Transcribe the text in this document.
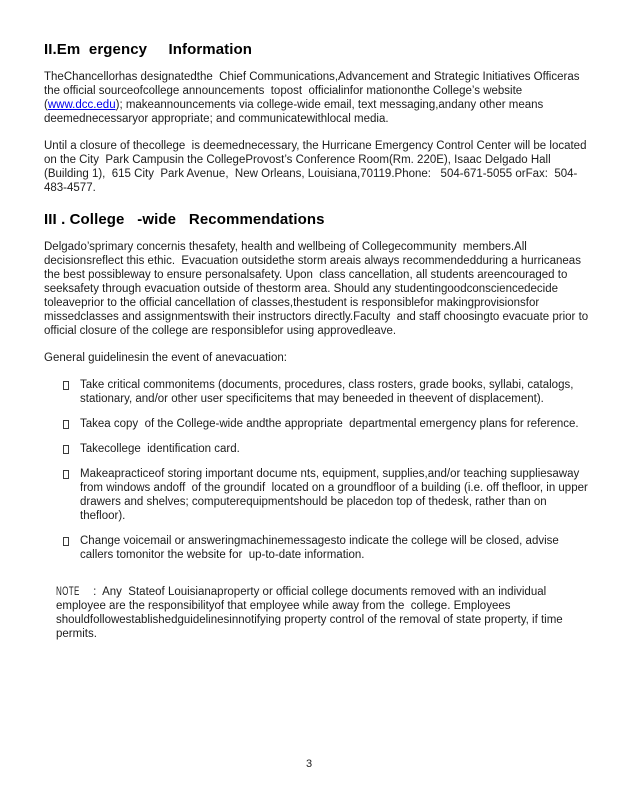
II.Em  ergency     Information

TheChancellorhas designatedthe  Chief Communications,Advancement and Strategic Initiatives Officeras  the official sourceofcollege announcements  topost  officialinfor mationonthe College’s website (www.dcc.edu); makeannouncements via college-wide email, text messaging,andany other means deemednecessaryor appropriate; and communicatewithlocal media.

Until a closure of thecollege  is deemednecessary, the Hurricane Emergency Control Center will be located on the City  Park Campusin the CollegeProvost’s Conference Room(Rm. 220E), Isaac Delgado Hall (Building 1),  615 City  Park Avenue,  New Orleans, Louisiana,70119.Phone:   504-671-5055 orFax:  504-483-4577.

III . College   -wide   Recommendations

Delgado’sprimary concernis thesafety, health and wellbeing of Collegecommunity  members.All decisionsreflect this ethic.  Evacuation outsidethe storm areais always recommendedduring a hurricaneas the best possibleway to ensure personalsafety. Upon  class cancellation, all students areencouraged to  seeksafety through evacuation outside of thestorm area. Should any studentingoodconsciencedecide toleaveprior to the official cancellation of classes,thestudent is responsiblefor makingprovisionsfor missedclasses and assignmentswith their instructors directly.Faculty  and staff choosingto evacuate prior to official closure of the college are responsiblefor using approvedleave.

General guidelinesin the event of anevacuation:

Take critical commonitems (documents, procedures, class rosters, grade books, syllabi, catalogs, stationary, and/or other user specificitems that may beneeded in theevent of displacement).
Takea copy  of the College-wide andthe appropriate  departmental emergency plans for reference.
Takecollege  identification card.
Makeapracticeof storing important docume nts, equipment, supplies,and/or teaching suppliesaway from windows andoff  of the groundif  located on a groundfloor of a building (i.e. off thefloor, in upper drawers and shelves; computerequipmentshould be placedon top of thedesk, rather than on thefloor).
Change voicemail or answeringmachinemessagesto indicate the college will be closed, advise callers tomonitor the website for  up-to-date information.
NOTE :  Any  Stateof Louisianaproperty or official college documents removed with an individual employee are the responsibilityof that employee while away from the  college. Employees shouldfollowestablishedguidelinesinnotifying property control of the removal of state property, if time permits.
3
